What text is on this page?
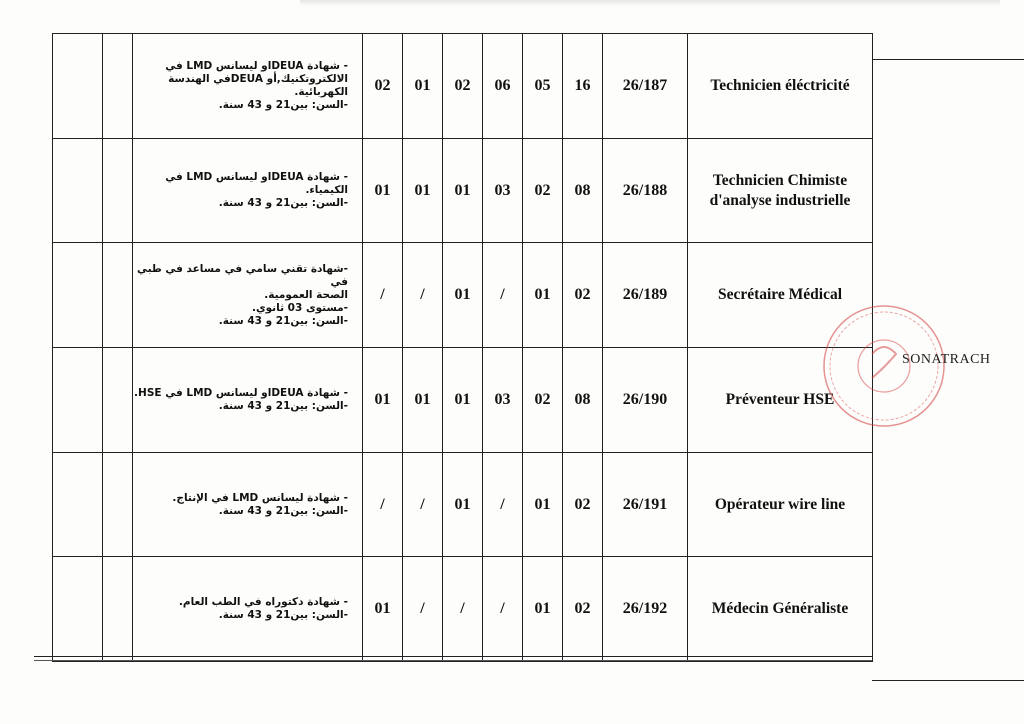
		- شهادة DEUAاو ليسانس LMD في
الالكتروتكنيك,أو DEUAفي الهندسة الكهربائية.
-السن: بين21 و 43 سنة.	02	01	02	06	05	16	26/187	Technicien éléctricité
		- شهادة DEUAاو ليسانس LMD في الكيمياء.
-السن: بين21 و 43 سنة.	01	01	01	03	02	08	26/188	Technicien Chimiste d'analyse industrielle
		-شهادة تقني سامي في مساعد في طبي في
الصحة العمومية.
-مستوى 03 ثانوي.
-السن: بين21 و 43 سنة.	/	/	01	/	01	02	26/189	Secrétaire Médical
		- شهادة DEUAاو ليسانس LMD في HSE.
-السن: بين21 و 43 سنة.	01	01	01	03	02	08	26/190	Préventeur HSE
		- شهادة ليسانس LMD في الإنتاج.
-السن: بين21 و 43 سنة.	/	/	01	/	01	02	26/191	Opérateur wire line
		- شهادة دكتوراه في الطب العام.
-السن: بين21 و 43 سنة.	01	/	/	/	01	02	26/192	Médecin Généraliste
SONATRACH
